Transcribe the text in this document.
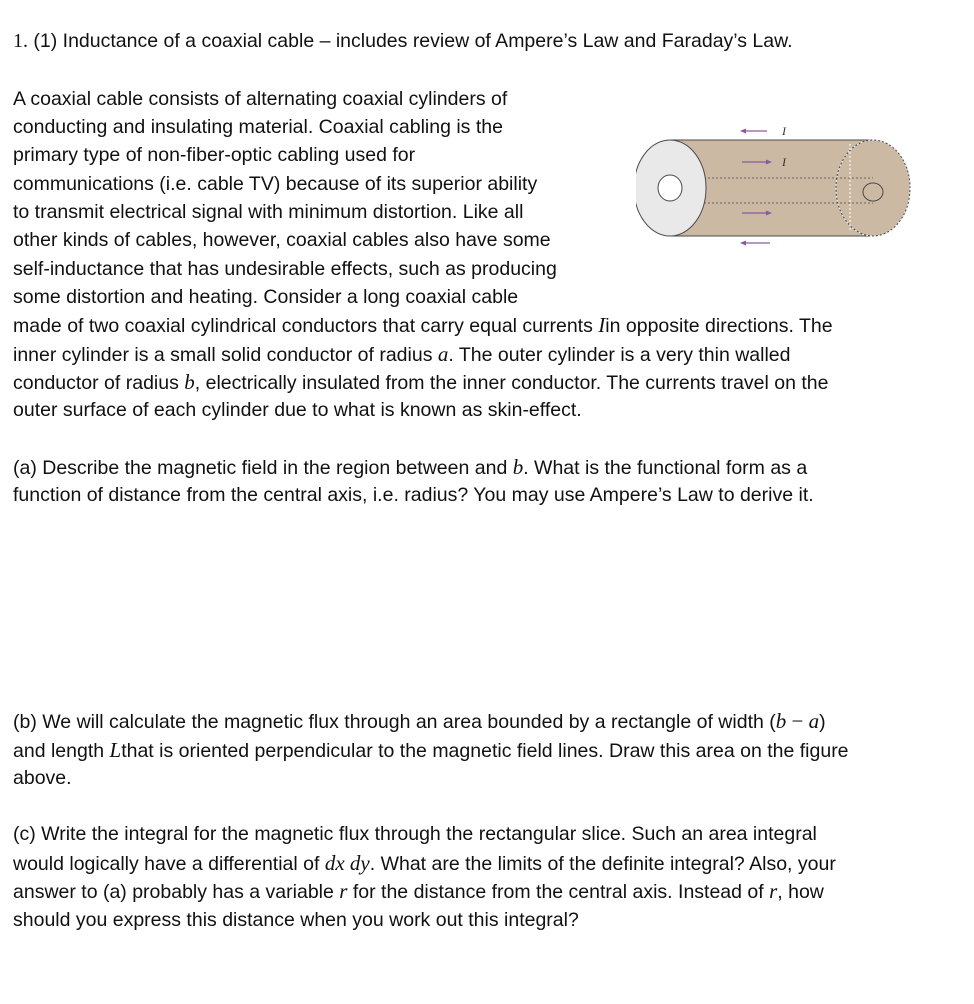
1. (1) Inductance of a coaxial cable – includes review of Ampere’s Law and Faraday’s Law.
A coaxial cable consists of alternating coaxial cylinders of
conducting and insulating material. Coaxial cabling is the
primary type of non-fiber-optic cabling used for
communications (i.e. cable TV) because of its superior ability
to transmit electrical signal with minimum distortion. Like all
other kinds of cables, however, coaxial cables also have some
self-inductance that has undesirable effects, such as producing
some distortion and heating. Consider a long coaxial cable
made of two coaxial cylindrical conductors that carry equal currents Iin opposite directions. The
inner cylinder is a small solid conductor of radius a. The outer cylinder is a very thin walled
conductor of radius b, electrically insulated from the inner conductor. The currents travel on the
outer surface of each cylinder due to what is known as skin-effect.
I
I
(a) Describe the magnetic field in the region between and b. What is the functional form as a
function of distance from the central axis, i.e. radius? You may use Ampere’s Law to derive it.
(b) We will calculate the magnetic flux through an area bounded by a rectangle of width (b − a)
and length Lthat is oriented perpendicular to the magnetic field lines. Draw this area on the figure
above.
(c) Write the integral for the magnetic flux through the rectangular slice. Such an area integral
would logically have a differential of dx dy. What are the limits of the definite integral? Also, your
answer to (a) probably has a variable r for the distance from the central axis. Instead of r, how
should you express this distance when you work out this integral?
